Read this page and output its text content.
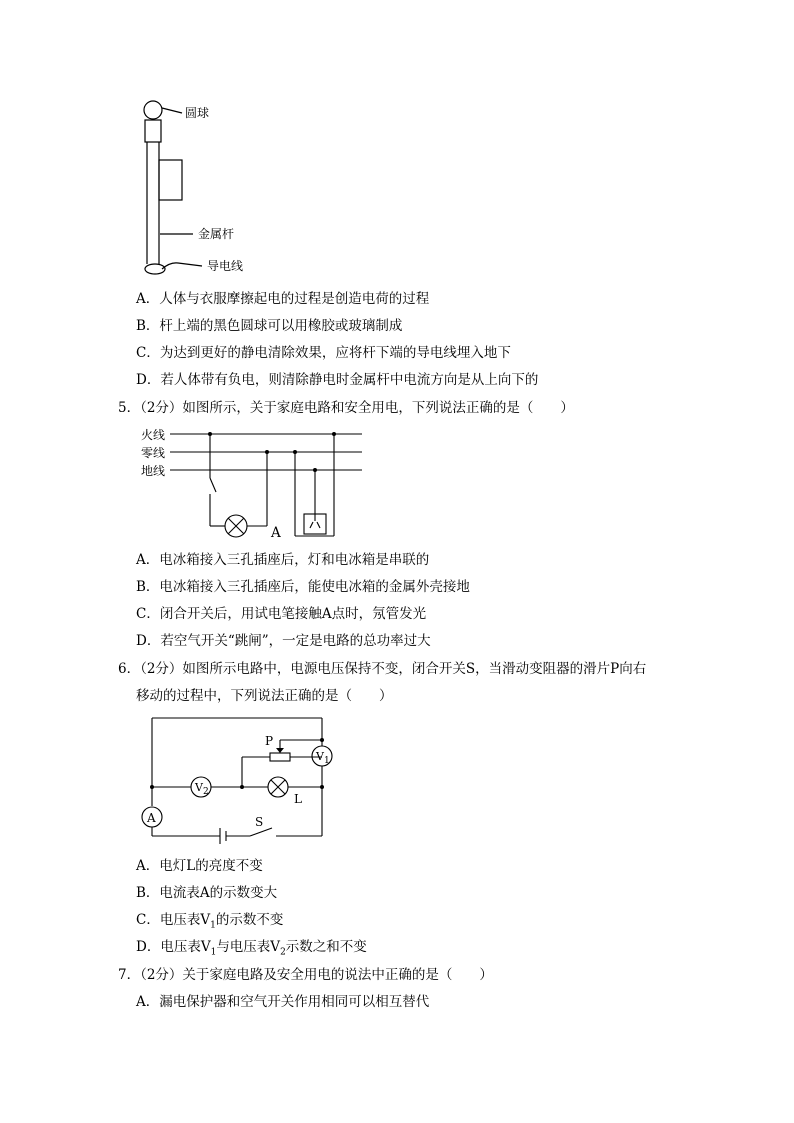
圆球
金属杆
导电线
A．人体与衣服摩擦起电的过程是创造电荷的过程
B．杆上端的黑色圆球可以用橡胶或玻璃制成
C．为达到更好的静电清除效果，应将杆下端的导电线埋入地下
D．若人体带有负电，则清除静电时金属杆中电流方向是从上向下的
5．（2分）如图所示，关于家庭电路和安全用电，下列说法正确的是（　　）
火线
零线
地线
A
A．电冰箱接入三孔插座后，灯和电冰箱是串联的
B．电冰箱接入三孔插座后，能使电冰箱的金属外壳接地
C．闭合开关后，用试电笔接触A点时，氖管发光
D．若空气开关“跳闸”，一定是电路的总功率过大
6．（2分）如图所示电路中，电源电压保持不变，闭合开关S，当滑动变阻器的滑片P向右
移动的过程中，下列说法正确的是（　　）
P
$V_1$
$V_2$	L
A	S
A．电灯L的亮度不变
B．电流表A的示数变大
C．电压表$V_1$的示数不变
D．电压表$V_1$与电压表$V_2$示数之和不变
7．（2分）关于家庭电路及安全用电的说法中正确的是（　　）
A．漏电保护器和空气开关作用相同可以相互替代
